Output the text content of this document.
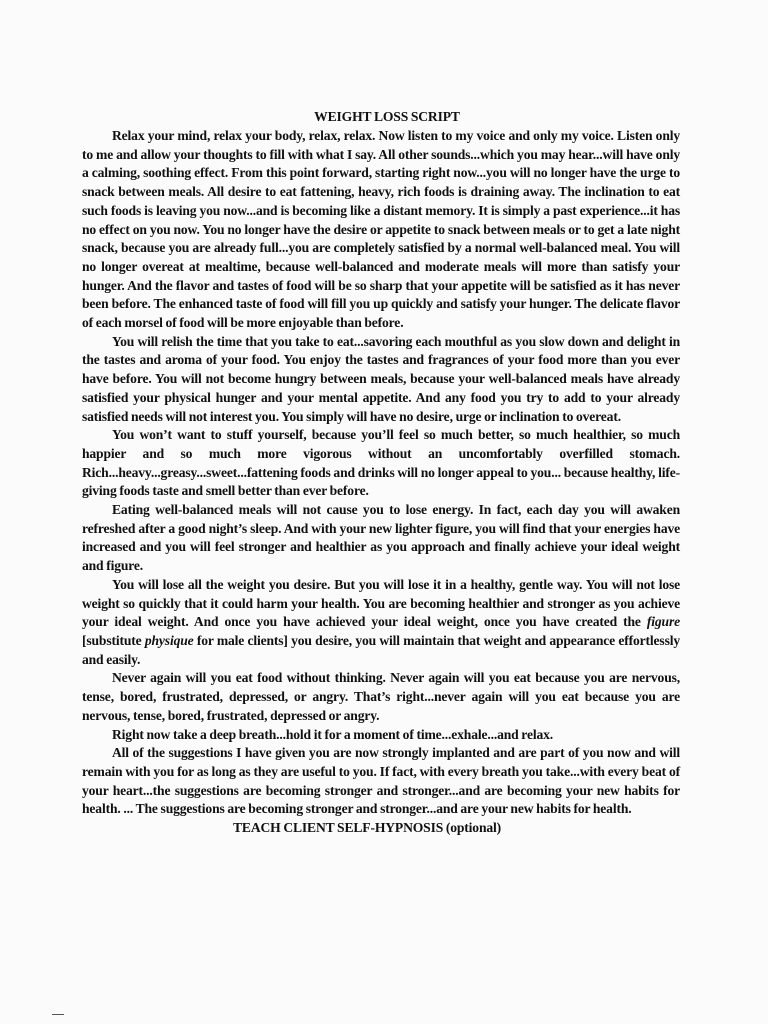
WEIGHT LOSS SCRIPT

Relax your mind, relax your body, relax, relax. Now listen to my voice and only my voice. Listen only to me and allow your thoughts to fill with what I say. All other sounds...which you may hear...will have only a calming, soothing effect. From this point forward, starting right now...you will no longer have the urge to snack between meals. All desire to eat fattening, heavy, rich foods is draining away. The inclination to eat such foods is leaving you now...and is becoming like a distant memory. It is simply a past experience...it has no effect on you now. You no longer have the desire or appetite to snack between meals or to get a late night snack, because you are already full...you are completely satisfied by a normal well-balanced meal. You will no longer overeat at mealtime, because well-balanced and moderate meals will more than satisfy your hunger. And the flavor and tastes of food will be so sharp that your appetite will be satisfied as it has never been before. The enhanced taste of food will fill you up quickly and satisfy your hunger. The delicate flavor of each morsel of food will be more enjoyable than before.

You will relish the time that you take to eat...savoring each mouthful as you slow down and delight in the tastes and aroma of your food. You enjoy the tastes and fragrances of your food more than you ever have before. You will not become hungry between meals, because your well-balanced meals have already satisfied your physical hunger and your mental appetite. And any food you try to add to your already satisfied needs will not interest you. You simply will have no desire, urge or inclination to overeat.

You won’t want to stuff yourself, because you’ll feel so much better, so much healthier, so much happier and so much more vigorous without an uncomfortably overfilled stomach. Rich...heavy...greasy...sweet...fattening foods and drinks will no longer appeal to you... because healthy, life-giving foods taste and smell better than ever before.

Eating well-balanced meals will not cause you to lose energy. In fact, each day you will awaken refreshed after a good night’s sleep. And with your new lighter figure, you will find that your energies have increased and you will feel stronger and healthier as you approach and finally achieve your ideal weight and figure.

You will lose all the weight you desire. But you will lose it in a healthy, gentle way. You will not lose weight so quickly that it could harm your health. You are becoming healthier and stronger as you achieve your ideal weight. And once you have achieved your ideal weight, once you have created the figure [substitute physique for male clients] you desire, you will maintain that weight and appearance effortlessly and easily.

Never again will you eat food without thinking. Never again will you eat because you are nervous, tense, bored, frustrated, depressed, or angry. That’s right...never again will you eat because you are nervous, tense, bored, frustrated, depressed or angry.

Right now take a deep breath...hold it for a moment of time...exhale...and relax.

All of the suggestions I have given you are now strongly implanted and are part of you now and will remain with you for as long as they are useful to you. If fact, with every breath you take...with every beat of your heart...the suggestions are becoming stronger and stronger...and are becoming your new habits for health. ... The suggestions are becoming stronger and stronger...and are your new habits for health.

TEACH CLIENT SELF-HYPNOSIS (optional)
